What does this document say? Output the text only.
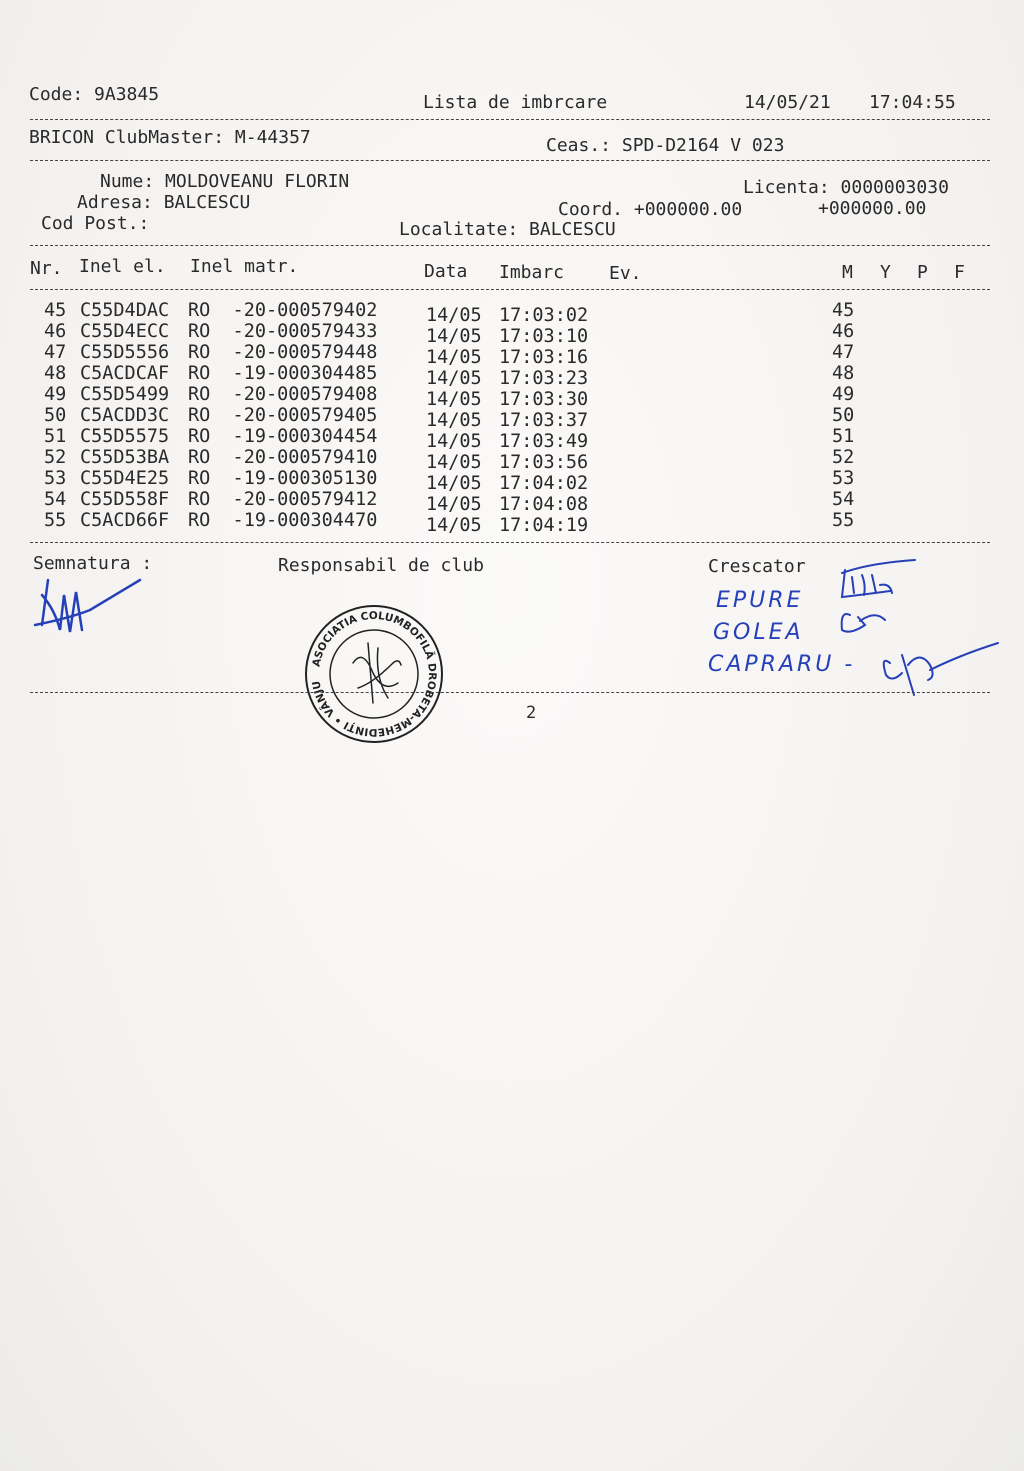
Code: 9A3845	Lista de imbrcare	14/05/21 17:04:55
BRICON ClubMaster: M-44357	Ceas.: SPD-D2164 V 023
Nume: MOLDOVEANU FLORIN	Licenta: 0000003030
Adresa: BALCESCU	Coord. +000000.00	+000000.00
Cod Post.:	Localitate: BALCESCU
Nr. Inel el. Inel matr.	Data Imbarc Ev.	M Y P F
45 C55D4DAC RO  -20-000579402	14/05 17:03:02	45
46 C55D4ECC RO  -20-000579433	14/05 17:03:10	46
47 C55D5556 RO  -20-000579448	14/05 17:03:16	47
48 C5ACDCAF RO  -19-000304485	14/05 17:03:23	48
49 C55D5499 RO  -20-000579408	14/05 17:03:30	49
50 C5ACDD3C RO  -20-000579405	14/05 17:03:37	50
51 C55D5575 RO  -19-000304454	14/05 17:03:49	51
52 C55D53BA RO  -20-000579410	14/05 17:03:56	52
53 C55D4E25 RO  -19-000305130	14/05 17:04:02	53
54 C55D558F RO  -20-000579412	14/05 17:04:08	54
55 C5ACD66F RO  -19-000304470	14/05 17:04:19	55
Semnatura :	Responsabil de club	Crescator
EPURE
GOLEA
CAPRARU -
ASOCIATIA COLUMBOFILĂ DROBETA-MEHEDINȚI • VÂNJU MARE •
2
